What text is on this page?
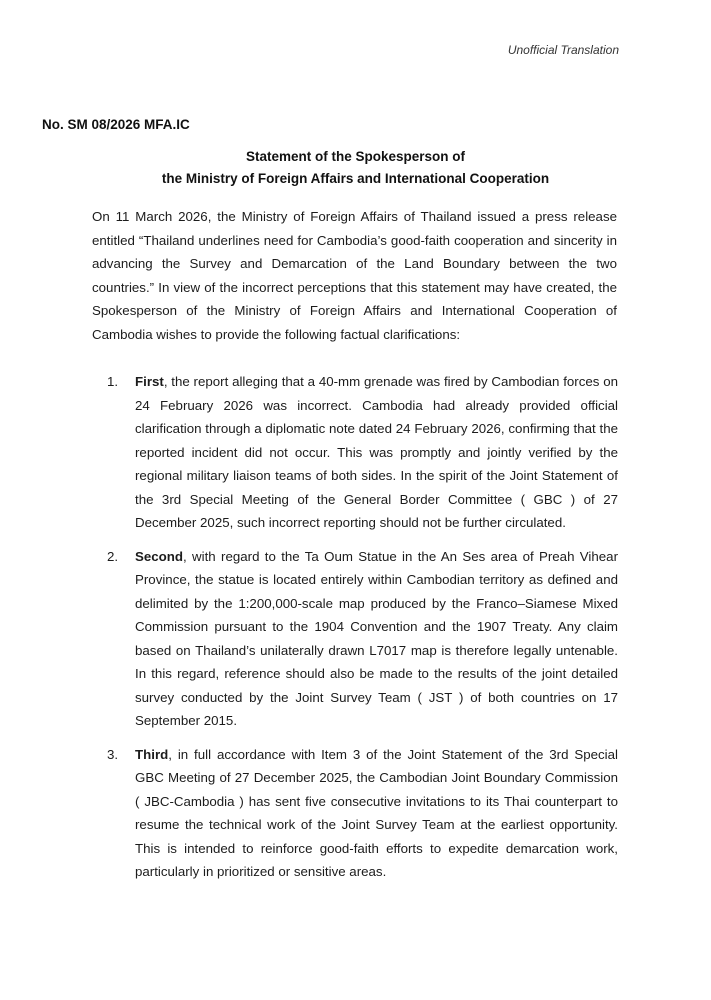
Unofficial Translation
No. SM 08/2026 MFA.IC
Statement of the Spokesperson of
the Ministry of Foreign Affairs and International Cooperation

On 11 March 2026, the Ministry of Foreign Affairs of Thailand issued a press release entitled “Thailand underlines need for Cambodia’s good-faith cooperation and sincerity in advancing the Survey and Demarcation of the Land Boundary between the two countries.” In view of the incorrect perceptions that this statement may have created, the Spokesperson of the Ministry of Foreign Affairs and International Cooperation of Cambodia wishes to provide the following factual clarifications:

1. First, the report alleging that a 40-mm grenade was fired by Cambodian forces on 24 February 2026 was incorrect. Cambodia had already provided official clarification through a diplomatic note dated 24 February 2026, confirming that the reported incident did not occur. This was promptly and jointly verified by the regional military liaison teams of both sides. In the spirit of the Joint Statement of the 3rd Special Meeting of the General Border Committee ( GBC ) of 27 December 2025, such incorrect reporting should not be further circulated.
2. Second, with regard to the Ta Oum Statue in the An Ses area of Preah Vihear Province, the statue is located entirely within Cambodian territory as defined and delimited by the 1:200,000-scale map produced by the Franco–Siamese Mixed Commission pursuant to the 1904 Convention and the 1907 Treaty. Any claim based on Thailand’s unilaterally drawn L7017 map is therefore legally untenable. In this regard, reference should also be made to the results of the joint detailed survey conducted by the Joint Survey Team ( JST ) of both countries on 17 September 2015.
3. Third, in full accordance with Item 3 of the Joint Statement of the 3rd Special GBC Meeting of 27 December 2025, the Cambodian Joint Boundary Commission ( JBC-Cambodia ) has sent five consecutive invitations to its Thai counterpart to resume the technical work of the Joint Survey Team at the earliest opportunity. This is intended to reinforce good-faith efforts to expedite demarcation work, particularly in prioritized or sensitive areas.
